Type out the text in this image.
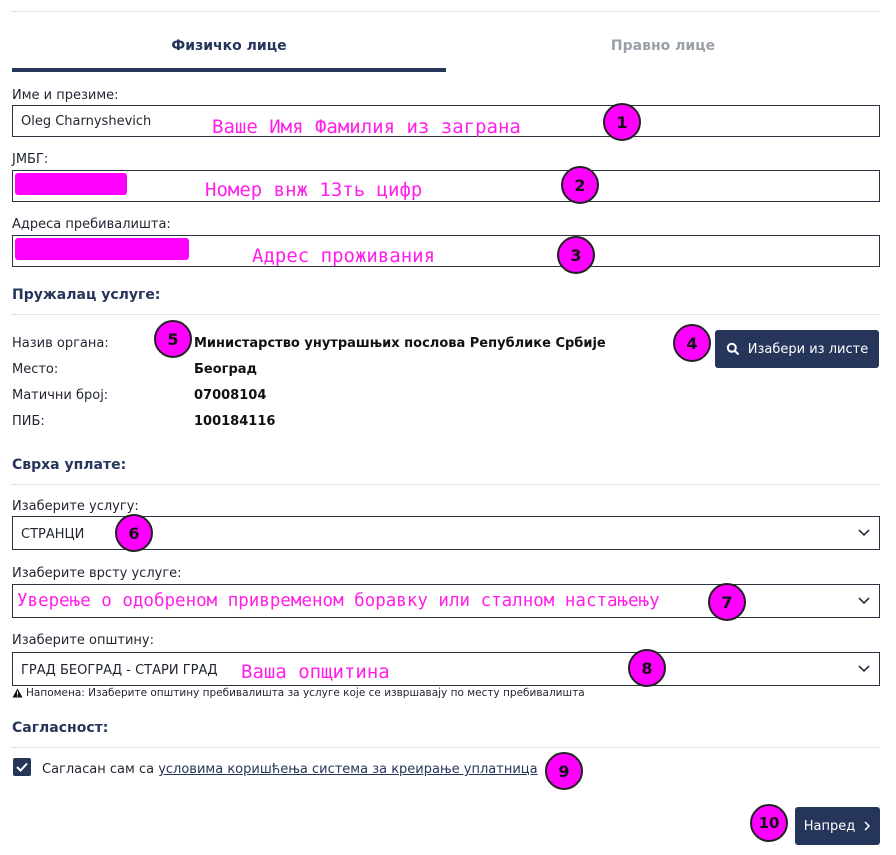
Физичко лице	Правно лице
Име и презиме:
Oleg Charnyshevich	Ваше Имя Фамилия из заграна	1
ЈМБГ:
Номер внж 13ть цифр	2
Адреса пребивалишта:
Адрес проживания	3
Пружалац услуге:
Назив органа:	Министарство унутрашњих послова Републике Србије
5
Место:	Београд
Матични број:	07008104
ПИБ:	100184116
Изабери из листе
4
Сврха уплате:
Изаберите услугу:
СТРАНЦИ	6
Изаберите врсту услуге:
Уверење о одобреном привременом боравку или сталном настањењу	7
Изаберите општину:
ГРАД БЕОГРАД - СТАРИ ГРАД Ваша опщитина	8
Напомена: Изаберите општину пребивалишта за услуге које се извршавају по месту пребивалишта
Сагласност:
Сагласан сам са условима коришћења система за креирање уплатница 9
Напред
10
